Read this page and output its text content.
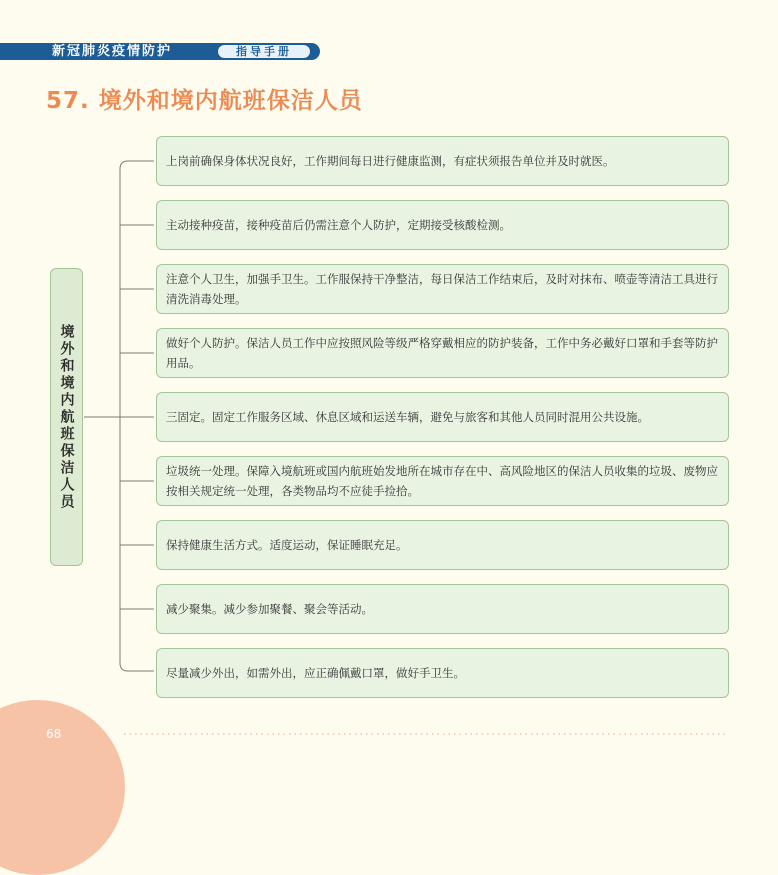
新冠肺炎疫情防护	指导手册
57. 境外和境内航班保洁人员
境外和境内航班保洁人员
上岗前确保身体状况良好，工作期间每日进行健康监测，有症状须报告单位并及时就医。
主动接种疫苗，接种疫苗后仍需注意个人防护，定期接受核酸检测。
注意个人卫生，加强手卫生。工作服保持干净整洁，每日保洁工作结束后，及时对抹布、喷壶等清洁工具进行清洗消毒处理。
做好个人防护。保洁人员工作中应按照风险等级严格穿戴相应的防护装备，工作中务必戴好口罩和手套等防护用品。
三固定。固定工作服务区域、休息区域和运送车辆，避免与旅客和其他人员同时混用公共设施。
垃圾统一处理。保障入境航班或国内航班始发地所在城市存在中、高风险地区的保洁人员收集的垃圾、废物应按相关规定统一处理，各类物品均不应徒手捡拾。
保持健康生活方式。适度运动，保证睡眠充足。
减少聚集。减少参加聚餐、聚会等活动。
尽量减少外出，如需外出，应正确佩戴口罩，做好手卫生。
68
